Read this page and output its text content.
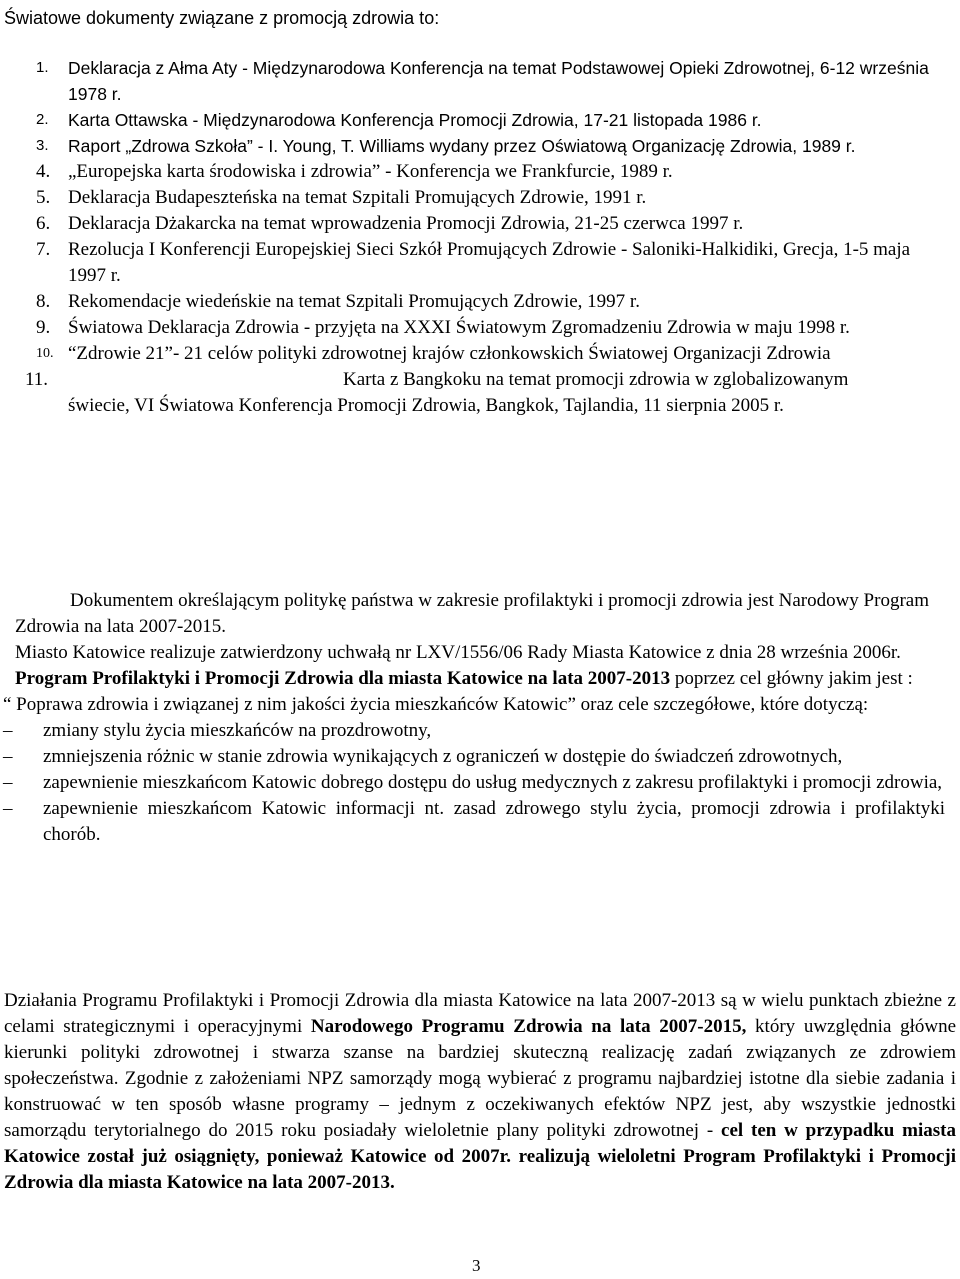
Światowe dokumenty związane z promocją zdrowia to:
1. Deklaracja z Ałma Aty - Międzynarodowa Konferencja na temat Podstawowej Opieki Zdrowotnej, 6-12 września 1978 r.
2. Karta Ottawska - Międzynarodowa Konferencja Promocji Zdrowia, 17-21 listopada 1986 r.
3. Raport „Zdrowa Szkoła” - I. Young, T. Williams wydany przez Oświatową Organizację Zdrowia, 1989 r.
4. „Europejska karta środowiska i zdrowia” - Konferencja we Frankfurcie, 1989 r.
5. Deklaracja Budapeszteńska na temat Szpitali Promujących Zdrowie, 1991 r.
6. Deklaracja Dżakarcka na temat wprowadzenia Promocji Zdrowia, 21-25 czerwca 1997 r.
7. Rezolucja I Konferencji Europejskiej Sieci Szkół Promujących Zdrowie - Saloniki-Halkidiki, Grecja, 1-5 maja 1997 r.
8. Rekomendacje wiedeńskie na temat Szpitali Promujących Zdrowie, 1997 r.
9. Światowa Deklaracja Zdrowia - przyjęta na XXXI Światowym Zgromadzeniu Zdrowia w maju 1998 r.
10. “Zdrowie 21”- 21 celów polityki zdrowotnej krajów członkowskich Światowej Organizacji Zdrowia
11.	Karta z Bangkoku na temat promocji zdrowia w zglobalizowanym
świecie, VI Światowa Konferencja Promocji Zdrowia, Bangkok, Tajlandia, 11 sierpnia 2005 r.
Dokumentem określającym politykę państwa w zakresie profilaktyki i promocji zdrowia jest Narodowy Program Zdrowia na lata 2007-2015.
Miasto Katowice realizuje zatwierdzony uchwałą nr LXV/1556/06 Rady Miasta Katowice z dnia 28 września 2006r. Program Profilaktyki i Promocji Zdrowia dla miasta Katowice na lata 2007-2013 poprzez cel główny jakim jest :
“ Poprawa zdrowia i związanej z nim jakości życia mieszkańców Katowic” oraz cele szczegółowe, które dotyczą:
– zmiany stylu życia mieszkańców na prozdrowotny,
– zmniejszenia różnic w stanie zdrowia wynikających z ograniczeń w dostępie do świadczeń zdrowotnych,
– zapewnienie mieszkańcom Katowic dobrego dostępu do usług medycznych z zakresu profilaktyki i promocji zdrowia,
– zapewnienie mieszkańcom Katowic informacji nt. zasad zdrowego stylu życia, promocji zdrowia i profilaktyki chorób.
Działania Programu Profilaktyki i Promocji Zdrowia dla miasta Katowice na lata 2007-2013 są w wielu punktach zbieżne z celami strategicznymi i operacyjnymi Narodowego Programu Zdrowia na lata 2007-2015, który uwzględnia główne kierunki polityki zdrowotnej i stwarza szanse na bardziej skuteczną realizację zadań związanych ze zdrowiem społeczeństwa. Zgodnie z założeniami NPZ samorządy mogą wybierać z programu najbardziej istotne dla siebie zadania i konstruować w ten sposób własne programy – jednym z oczekiwanych efektów NPZ jest, aby wszystkie jednostki samorządu terytorialnego do 2015 roku posiadały wieloletnie plany polityki zdrowotnej - cel ten w przypadku miasta Katowice został już osiągnięty, ponieważ Katowice od 2007r. realizują wieloletni Program Profilaktyki i Promocji Zdrowia dla miasta Katowice na lata 2007-2013.
3
